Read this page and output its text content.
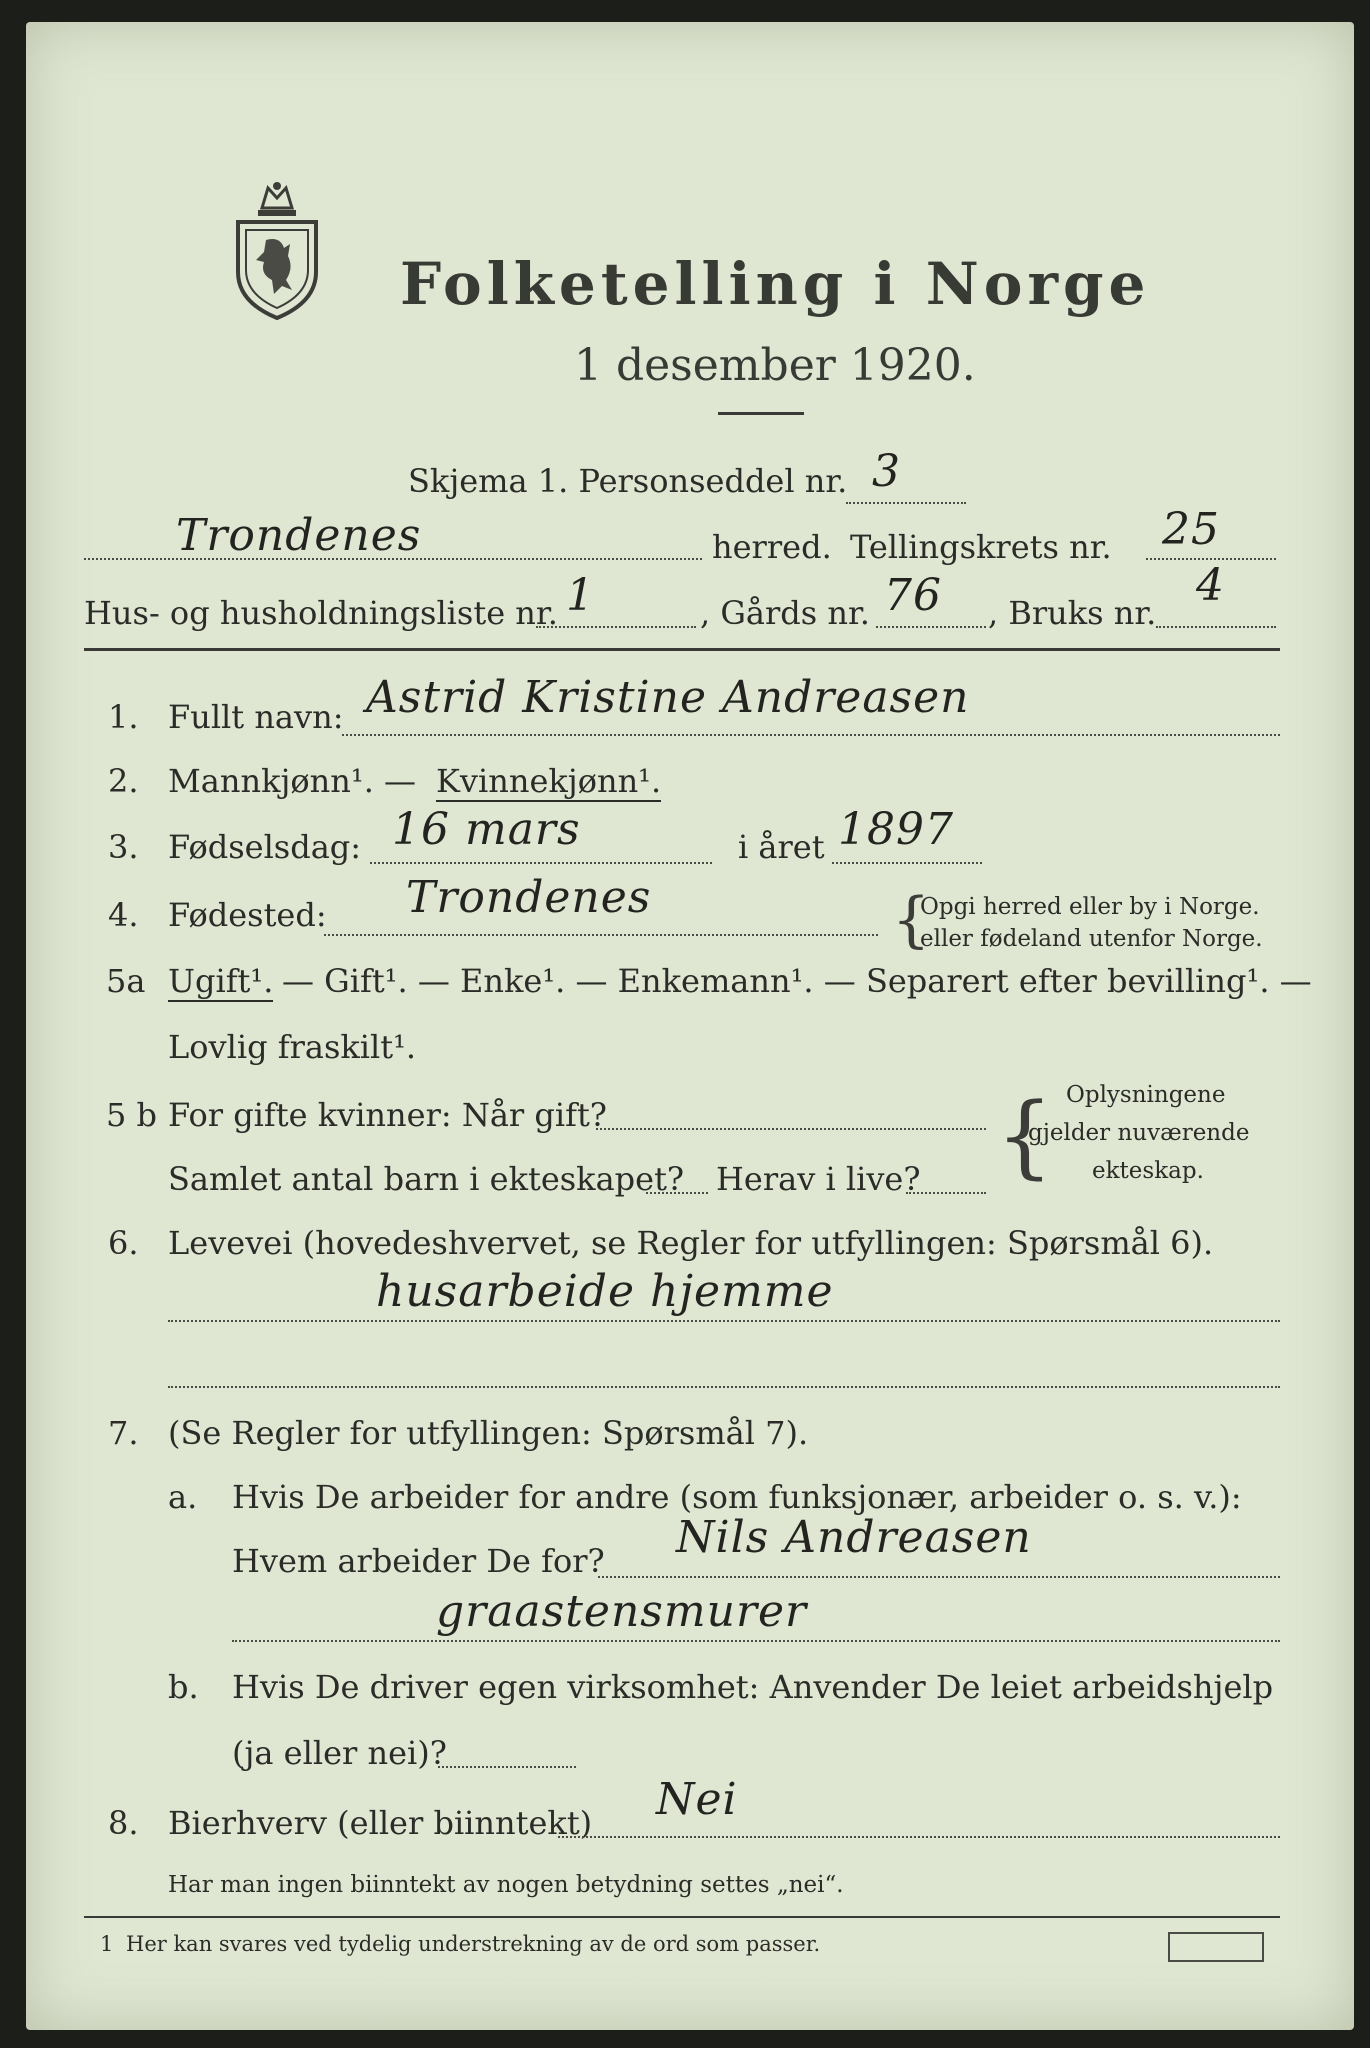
Folketelling i Norge
1 desember 1920.
Skjema 1. Personseddel nr. 3
Trondenes	herred. Tellingskrets nr. 25
Hus- og husholdningsliste nr. 1	, Gårds nr. 76 , Bruks nr.
4
1. Fullt navn: Astrid Kristine Andreasen
2. Mannkjønn¹. — Kvinnekjønn¹.
3. Fødselsdag: 16 mars	i året 1897
4. Fødested: Trondenes	{
Opgi herred eller by i Norge.
eller fødeland utenfor Norge.
5a Ugift¹. — Gift¹. — Enke¹. — Enkemann¹. — Separert efter bevilling¹. —
Lovlig fraskilt¹.
5 b For gifte kvinner: Når gift?
Samlet antal barn i ekteskapet? Herav i live? { Oplysningene
gjelder nuværende
ekteskap.
6. Levevei (hovedeshvervet, se Regler for utfyllingen: Spørsmål 6).
husarbeide hjemme
7. (Se Regler for utfyllingen: Spørsmål 7).
a. Hvis De arbeider for andre (som funksjonær, arbeider o. s. v.):
Hvem arbeider De for? Nils Andreasen
graastensmurer
b. Hvis De driver egen virksomhet: Anvender De leiet arbeidshjelp
(ja eller nei)?
8. Bierhverv (eller biinntekt) Nei
Har man ingen biinntekt av nogen betydning settes „nei“.
1 Her kan svares ved tydelig understrekning av de ord som passer.
